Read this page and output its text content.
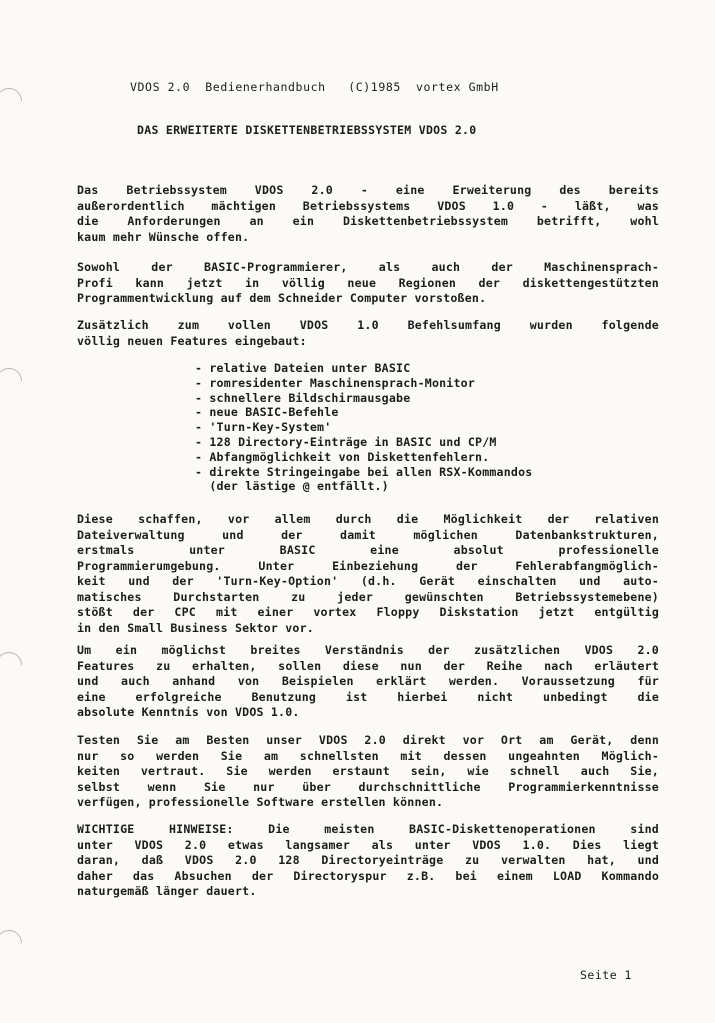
VDOS 2.0 Bedienerhandbuch (C)1985 vortex GmbH
DAS ERWEITERTE DISKETTENBETRIEBSSYSTEM VDOS 2.0
Das Betriebssystem VDOS 2.0 - eine Erweiterung des bereits
außerordentlich mächtigen Betriebssystems VDOS 1.0 - läßt, was
die Anforderungen an ein Diskettenbetriebssystem betrifft, wohl
kaum mehr Wünsche offen.
Sowohl der BASIC-Programmierer, als auch der Maschinensprach-
Profi kann jetzt in völlig neue Regionen der diskettengestützten
Programmentwicklung auf dem Schneider Computer vorstoßen.
Zusätzlich zum vollen VDOS 1.0 Befehlsumfang wurden folgende
völlig neuen Features eingebaut:
- relative Dateien unter BASIC
- romresidenter Maschinensprach-Monitor
- schnellere Bildschirmausgabe
- neue BASIC-Befehle
- 'Turn-Key-System'
- 128 Directory-Einträge in BASIC und CP/M
- Abfangmöglichkeit von Diskettenfehlern.
- direkte Stringeingabe bei allen RSX-Kommandos
(der lästige @ entfällt.)
Diese schaffen, vor allem durch die Möglichkeit der relativen
Dateiverwaltung und der damit möglichen Datenbankstrukturen,
erstmals unter BASIC eine absolut professionelle
Programmierumgebung. Unter Einbeziehung der Fehlerabfangmöglich-
keit und der 'Turn-Key-Option' (d.h. Gerät einschalten und auto-
matisches Durchstarten zu jeder gewünschten Betriebssystemebene)
stößt der CPC mit einer vortex Floppy Diskstation jetzt entgültig
in den Small Business Sektor vor.
Um ein möglichst breites Verständnis der zusätzlichen VDOS 2.0
Features zu erhalten, sollen diese nun der Reihe nach erläutert
und auch anhand von Beispielen erklärt werden. Voraussetzung für
eine erfolgreiche Benutzung ist hierbei nicht unbedingt die
absolute Kenntnis von VDOS 1.0.
Testen Sie am Besten unser VDOS 2.0 direkt vor Ort am Gerät, denn
nur so werden Sie am schnellsten mit dessen ungeahnten Möglich-
keiten vertraut. Sie werden erstaunt sein, wie schnell auch Sie,
selbst wenn Sie nur über durchschnittliche Programmierkenntnisse
verfügen, professionelle Software erstellen können.
WICHTIGE HINWEISE: Die meisten BASIC-Diskettenoperationen sind
unter VDOS 2.0 etwas langsamer als unter VDOS 1.0. Dies liegt
daran, daß VDOS 2.0 128 Directoryeinträge zu verwalten hat, und
daher das Absuchen der Directoryspur z.B. bei einem LOAD Kommando
naturgemäß länger dauert.
Seite 1
